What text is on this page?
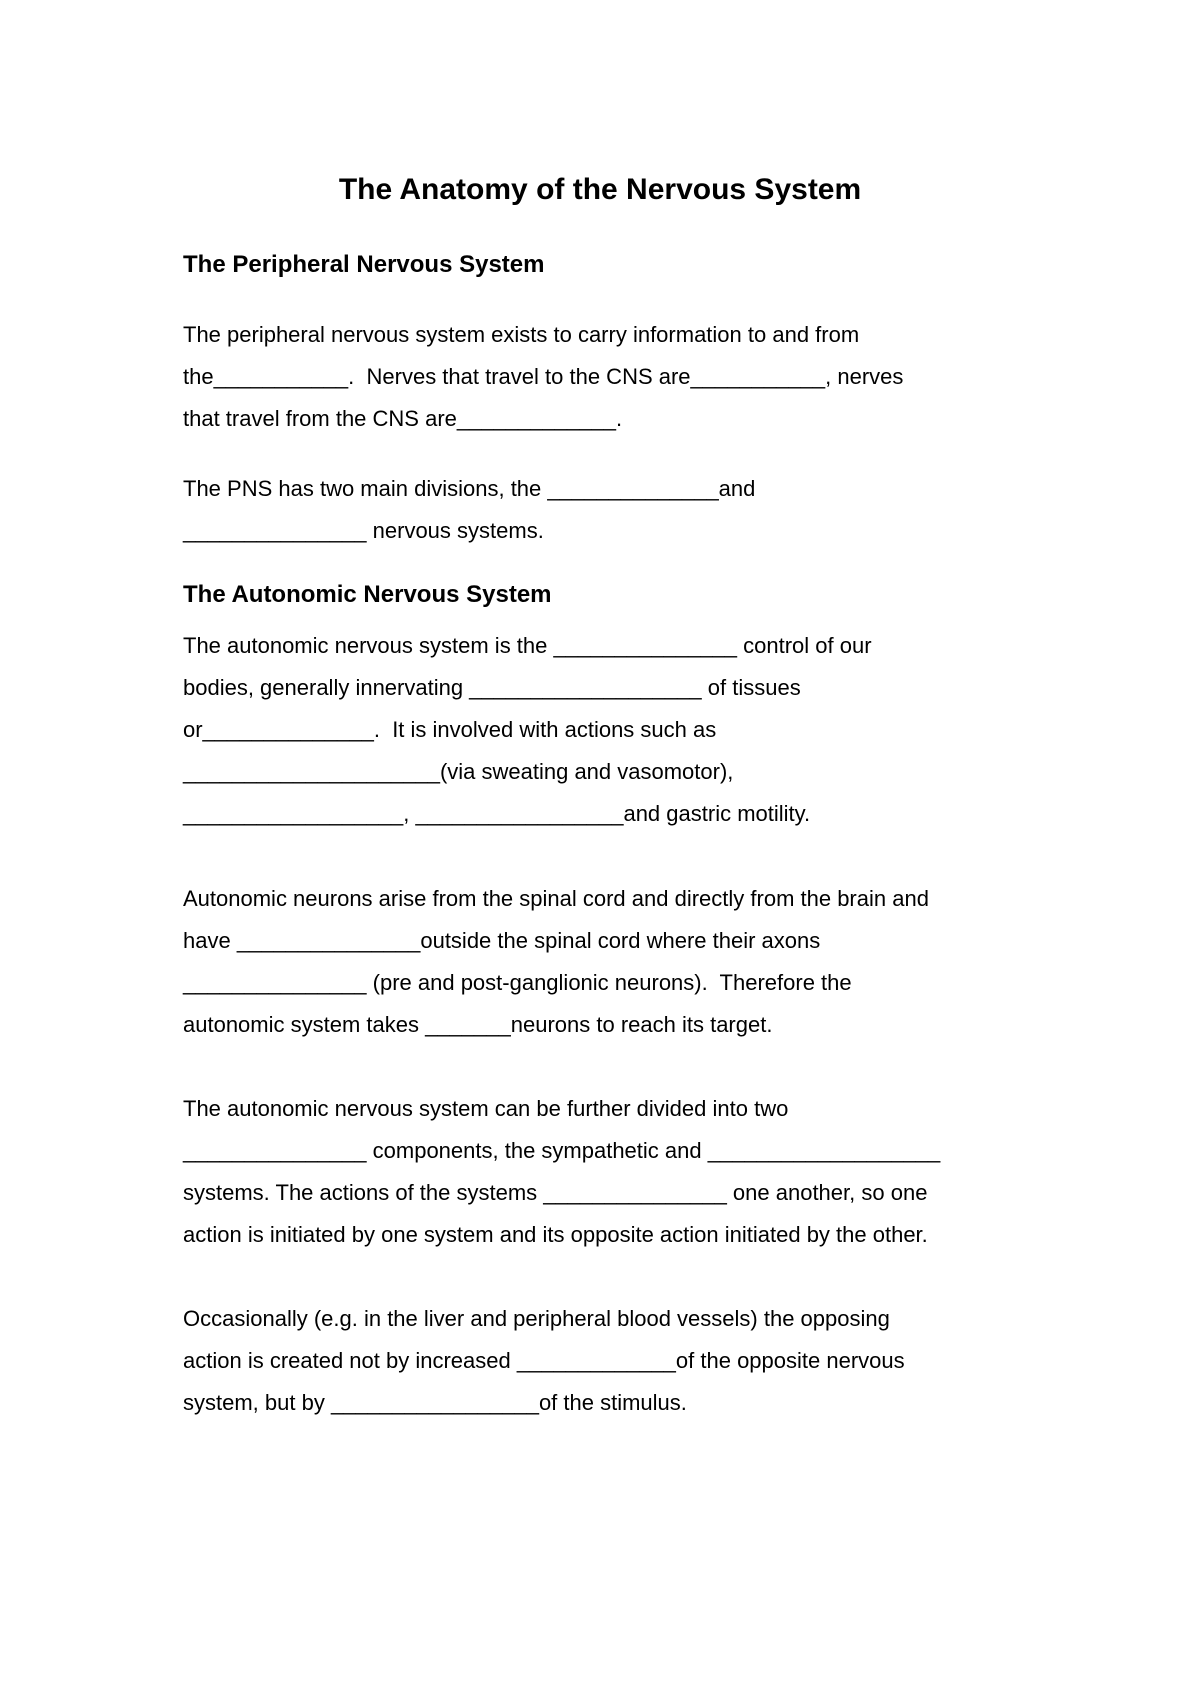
The Anatomy of the Nervous System
The Peripheral Nervous System
The peripheral nervous system exists to carry information to and from
the___________.  Nerves that travel to the CNS are___________, nerves
that travel from the CNS are_____________.
The PNS has two main divisions, the ______________and
_______________ nervous systems.
The Autonomic Nervous System
The autonomic nervous system is the _______________ control of our
bodies, generally innervating ___________________ of tissues
or______________.  It is involved with actions such as
_____________________(via sweating and vasomotor),
__________________, _________________and gastric motility.
Autonomic neurons arise from the spinal cord and directly from the brain and
have _______________outside the spinal cord where their axons
_______________ (pre and post-ganglionic neurons).  Therefore the
autonomic system takes _______neurons to reach its target.
The autonomic nervous system can be further divided into two
_______________ components, the sympathetic and ___________________
systems. The actions of the systems _______________ one another, so one
action is initiated by one system and its opposite action initiated by the other.
Occasionally (e.g. in the liver and peripheral blood vessels) the opposing
action is created not by increased _____________of the opposite nervous
system, but by _________________of the stimulus.
